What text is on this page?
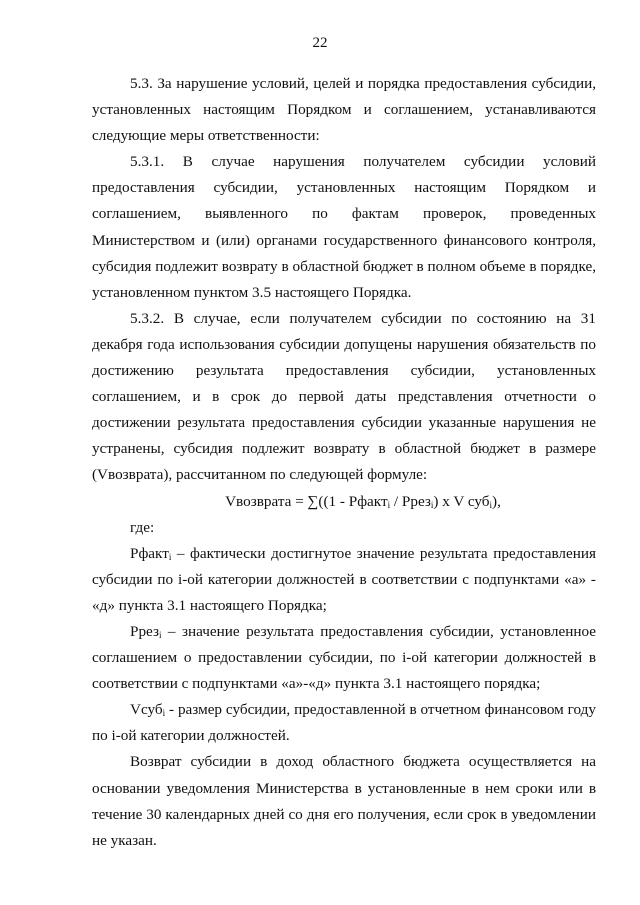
22

5.3. За нарушение условий, целей и порядка предоставления субсидии, установленных настоящим Порядком и соглашением, устанавливаются следующие меры ответственности:

5.3.1. В случае нарушения получателем субсидии условий предоставления субсидии, установленных настоящим Порядком и соглашением, выявленного по фактам проверок, проведенных Министерством и (или) органами государственного финансового контроля, субсидия подлежит возврату в областной бюджет в полном объеме в порядке, установленном пунктом 3.5 настоящего Порядка.

5.3.2. В случае, если получателем субсидии по состоянию на 31 декабря года использования субсидии допущены нарушения обязательств по достижению результата предоставления субсидии, установленных соглашением, и в срок до первой даты представления отчетности о достижении результата предоставления субсидии указанные нарушения не устранены, субсидия подлежит возврату в областной бюджет в размере (Vвозврата), рассчитанном по следующей формуле:

Vвозврата = ∑((1 - Рфакт$_i$ / Ррез$_i$) x V суб$_i$),

где:

Рфакт$_i$ – фактически достигнутое значение результата предоставления субсидии по i-ой категории должностей в соответствии с подпунктами «а» - «д» пункта 3.1 настоящего Порядка;

Ррез$_i$ – значение результата предоставления субсидии, установленное соглашением о предоставлении субсидии, по i-ой категории должностей в соответствии с подпунктами «а»-«д» пункта 3.1 настоящего порядка;

Vсуб$_i$ - размер субсидии, предоставленной в отчетном финансовом году по i-ой категории должностей.

Возврат субсидии в доход областного бюджета осуществляется на основании уведомления Министерства в установленные в нем сроки или в течение 30 календарных дней со дня его получения, если срок в уведомлении не указан.
